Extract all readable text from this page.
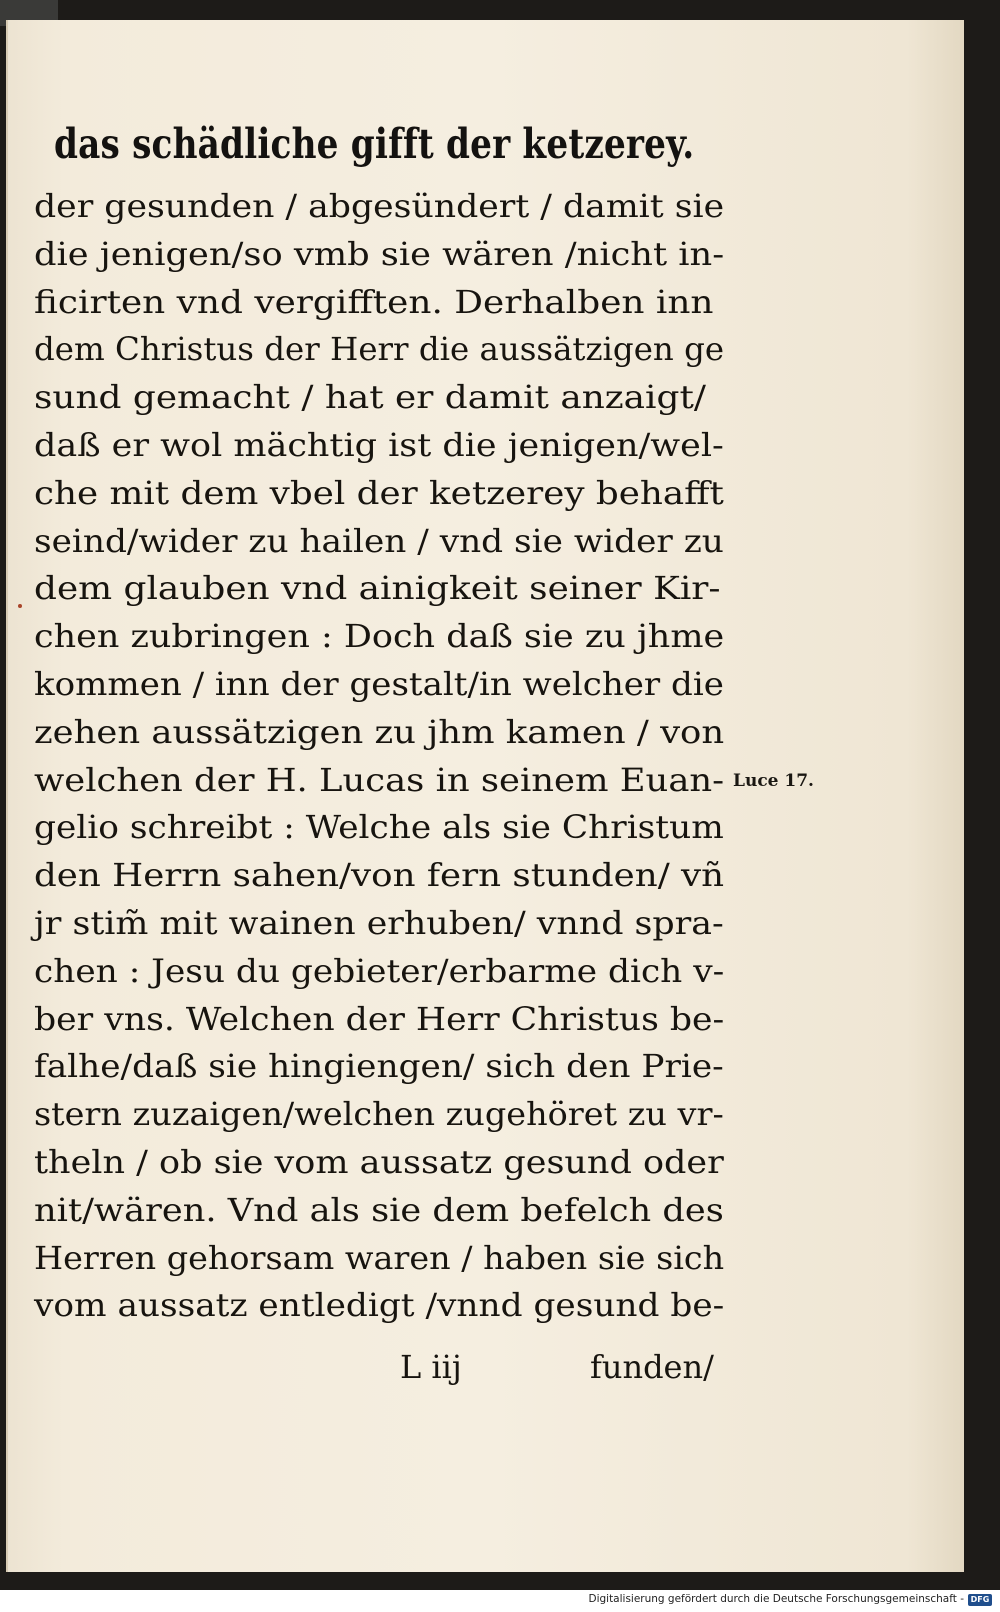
das schädliche gifft der ketzerey.
der gesunden / abgesündert / damit sie
die jenigen/so vmb sie wären /nicht in-
ficirten vnd vergifften. Derhalben inn
dem Christus der Herr die aussätzigen ge
sund gemacht / hat er damit anzaigt/
daß er wol mächtig ist die jenigen/wel-
che mit dem vbel der ketzerey behafft
seind/wider zu hailen / vnd sie wider zu
dem glauben vnd ainigkeit seiner Kir-
chen zubringen : Doch daß sie zu jhme
kommen / inn der gestalt/in welcher die
zehen aussätzigen zu jhm kamen / von
welchen der H. Lucas in seinem Euan-
gelio schreibt : Welche als sie Christum
den Herrn sahen/von fern stunden/ vñ
jr stim̃ mit wainen erhuben/ vnnd spra-
chen : Jesu du gebieter/erbarme dich v-
ber vns. Welchen der Herr Christus be-
falhe/daß sie hingiengen/ sich den Prie-
stern zuzaigen/welchen zugehöret zu vr-
theln / ob sie vom aussatz gesund oder
nit/wären. Vnd als sie dem befelch des
Herren gehorsam waren / haben sie sich
vom aussatz entledigt /vnnd gesund be-
Luce 17.
L iij	funden/
Digitalisierung gefördert durch die Deutsche Forschungsgemeinschaft - DFG
